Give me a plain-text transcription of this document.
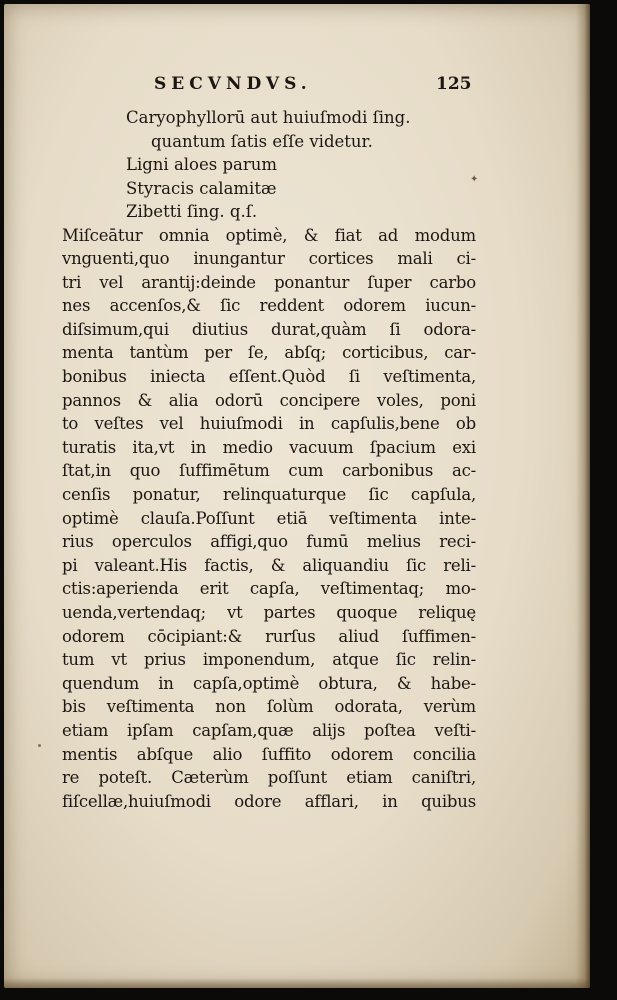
✦
SECVNDVS.	125
Caryophyllorū aut huiuſmodi ſing.
quantum ſatis eſſe videtur.
Ligni aloes parum
Styracis calamitæ
Zibetti ſing. q.ſ.
Miſceātur omnia optimè, & fiat ad modum
vnguenti,quo inungantur cortices mali ci-
tri vel arantij:deinde ponantur ſuper carbo
nes accenſos,& ſic reddent odorem iucun-
diſsimum,qui diutius durat,quàm ſi odora-
menta tantùm per ſe, abſq; corticibus, car-
bonibus iniecta eſſent.Quòd ſi veſtimenta,
pannos & alia odorū concipere voles, poni
to veſtes vel huiuſmodi in capſulis,bene ob
turatis ita,vt in medio vacuum ſpacium exi
ſtat,in quo ſuffimētum cum carbonibus ac-
cenſis ponatur, relinquaturque ſic capſula,
optimè clauſa.Poſſunt etiā veſtimenta inte-
rius operculos affigi,quo fumū melius reci-
pi valeant.His factis, & aliquandiu ſic reli-
ctis:aperienda erit capſa, veſtimentaq; mo-
uenda,vertendaq; vt partes quoque reliquę
odorem cōcipiant:& rurſus aliud ſuffimen-
tum vt prius imponendum, atque ſic relin-
quendum in capſa,optimè obtura, & habe-
bis veſtimenta non ſolùm odorata, verùm
etiam ipſam capſam,quæ alijs poſtea veſti-
mentis abſque alio ſuffito odorem concilia
re poteſt. Cæterùm poſſunt etiam caniſtri,
fiſcellæ,huiuſmodi odore afflari, in quibus
